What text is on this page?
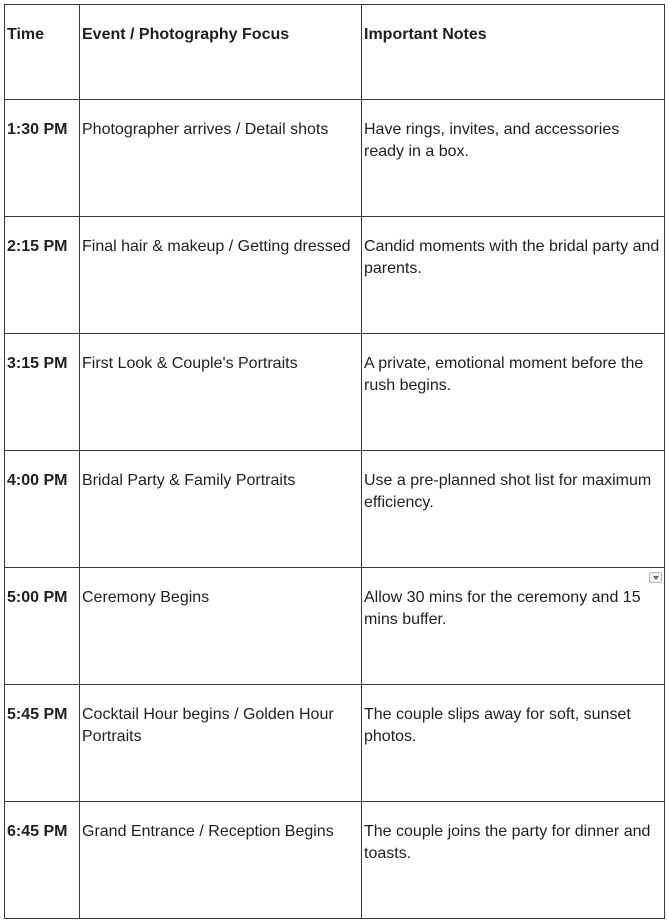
Time	Event / Photography Focus	Important Notes
1:30 PM	Photographer arrives / Detail shots	Have rings, invites, and accessories ready in a box.
2:15 PM	Final hair & makeup / Getting dressed	Candid moments with the bridal party and parents.
3:15 PM	First Look & Couple's Portraits	A private, emotional moment before the rush begins.
4:00 PM	Bridal Party & Family Portraits	Use a pre-planned shot list for maximum efficiency.
5:00 PM	Ceremony Begins	Allow 30 mins for the ceremony and 15 mins buffer.

5:45 PM	Cocktail Hour begins / Golden Hour Portraits	The couple slips away for soft, sunset photos.
6:45 PM	Grand Entrance / Reception Begins	The couple joins the party for dinner and toasts.
